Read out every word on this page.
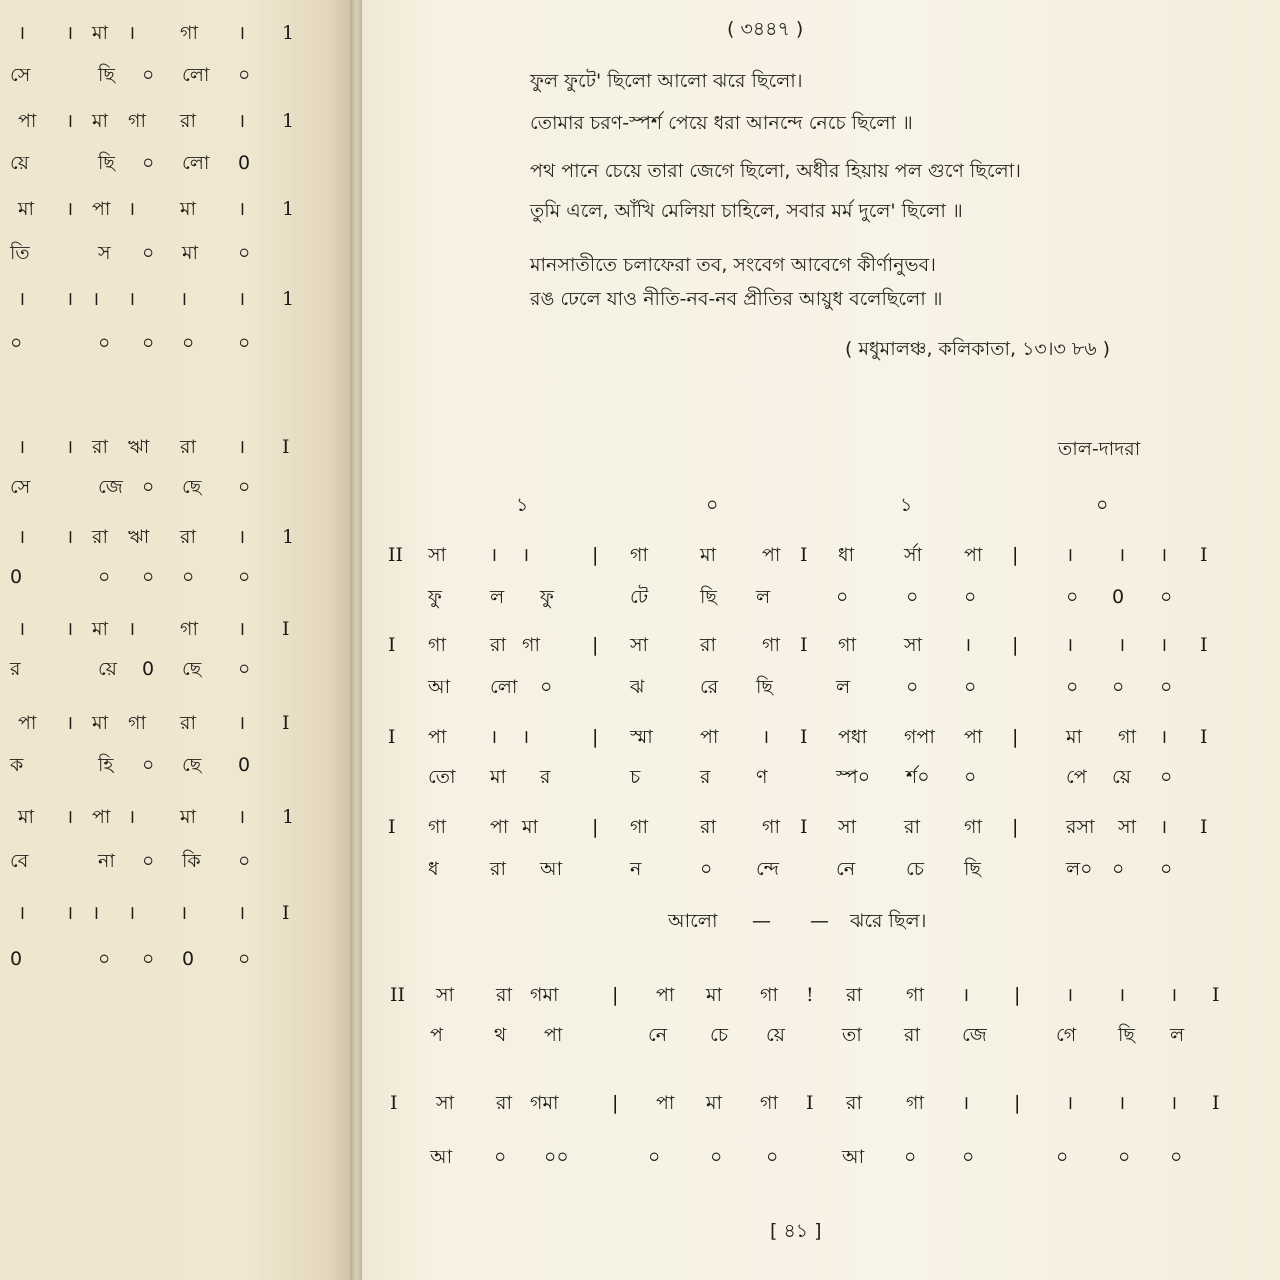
। । মা । গা । 1
সে	ছি ০ লো ০
পা । মা গা রা । 1
য়ে	ছি ০ লো 0
মা । পা । মা । 1
তি	স ০ মা ০
। । । । ।	। 1
০	০ ০ ০ ০
। । রা ঋা রা । I
সে	জে ০ ছে ০
। । রা ঋা রা । 1
0	০ ০ ০ ০
। । মা । গা । I
র	য়ে 0 ছে ০
পা । মা গা রা । I
ক	হি ০ ছে 0
মা । পা । মা । 1
বে	না ০ কি ০
। । । । ।	। I
0	০ ০ 0 ০
( ৩৪৪৭ )
ফুল ফুটে' ছিলো আলো ঝরে ছিলো।
তোমার চরণ-স্পর্শ পেয়ে ধরা আনন্দে নেচে ছিলো ॥
পথ পানে চেয়ে তারা জেগে ছিলো, অধীর হিয়ায় পল গুণে ছিলো।
তুমি এলে, আঁখি মেলিয়া চাহিলে, সবার মর্ম দুলে' ছিলো ॥
মানসাতীতে চলাফেরা তব, সংবেগ আবেগে কীর্ণানুভব।
রঙ ঢেলে যাও নীতি-নব-নব প্রীতির আয়ুধ বলেছিলো ॥
( মধুমালঞ্চ, কলিকাতা, ১৩।৩ ৮৬ )
তাল-দাদরা
১	০	১	০
II সা । ।	| গা	মা পা I ধা	র্সা পা |	। । । I
ফু	ল ফু	টে	ছি ল	০	০ ০	০ 0 ০
I গা রা গা	| সা	রা গা I গা	সা । |	। । । I
আ লো ০	ঝ	রে ছি	ল	০ ০	০ ০ ০
I পা । ।	| স্মা পা । I পধা গপা পা |	মা গা । I
তো মা র	চ	র ণ	স্প০ র্শ০ ০	পে য়ে ০
I গা পা মা	| গা	রা গা I সা	রা গা |	রসা সা । I
ধ	রা আ	ন	০ ন্দে	নে	চে ছি	ল০ ০ ০
আলো — — ঝরে ছিল।
II সা রা গমা	| পা মা গা ! রা গা । | । । । I
প	থ পা	নে চে য়ে	তা রা জে	গে ছি ল
I সা রা গমা	| পা মা গা I রা গা । | । । । I
আ ০ ০০	০	০ ০	আ ০ ০	০	০ ০
[ ৪১ ]
